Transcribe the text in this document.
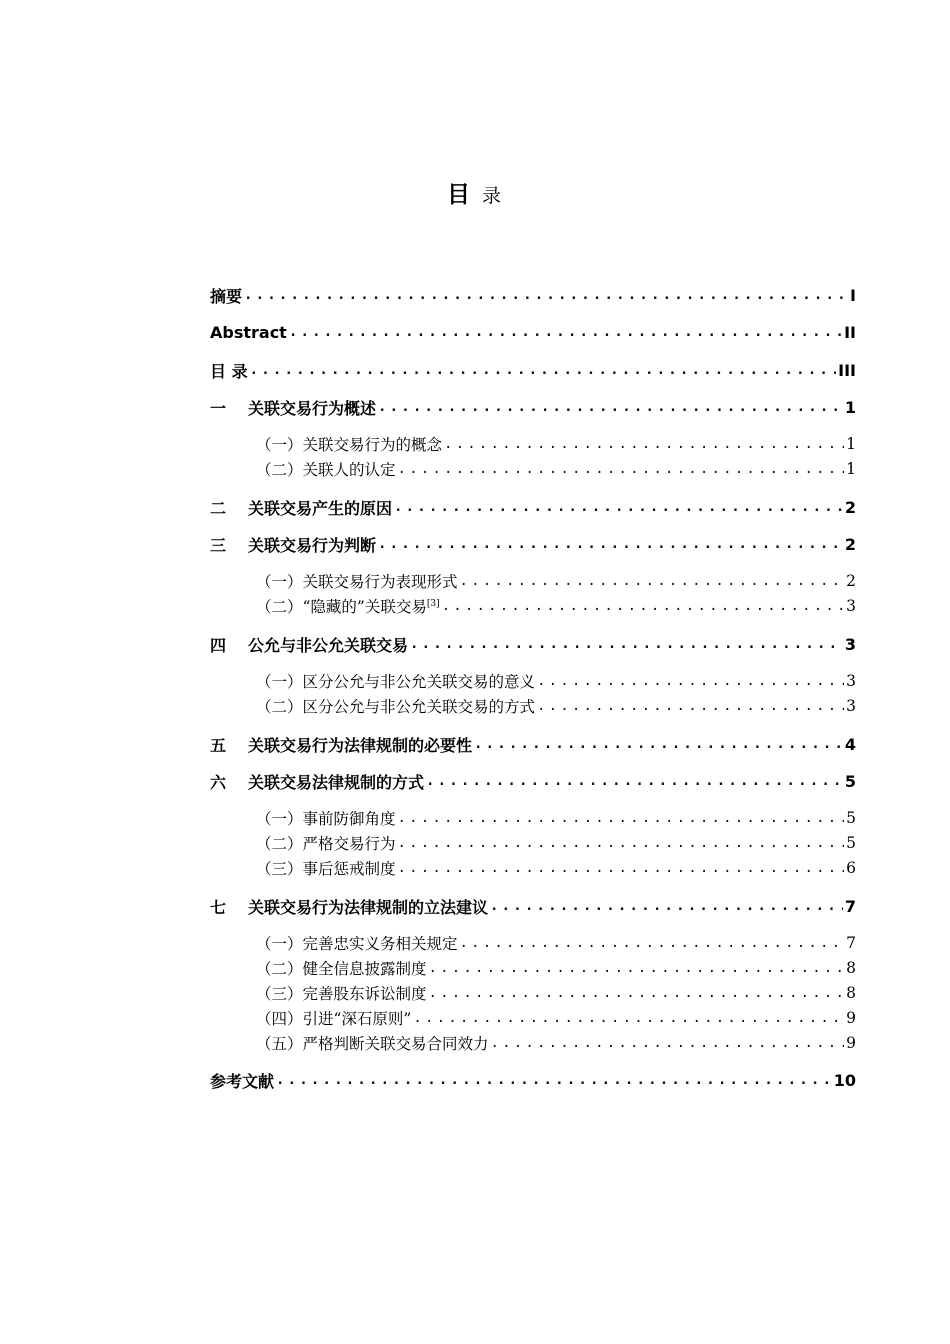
目 录
摘要 .....	I
Abstract .....	II
目 录 .....	III
一	关联交易行为概述 .....	1
（一）关联交易行为的概念 .....	1
（二）关联人的认定 .....	1
二	关联交易产生的原因 .....	2
三	关联交易行为判断 .....	2
（一）关联交易行为表现形式 .....	2
（二）“隐藏的”关联交易[3] .....	3
四	公允与非公允关联交易 .....	3
（一）区分公允与非公允关联交易的意义 .....	3
（二）区分公允与非公允关联交易的方式 .....	3
五	关联交易行为法律规制的必要性 .....	4
六	关联交易法律规制的方式 .....	5
（一）事前防御角度 .....	5
（二）严格交易行为 .....	5
（三）事后惩戒制度 .....	6
七	关联交易行为法律规制的立法建议 .....	7
（一）完善忠实义务相关规定 .....	7
（二）健全信息披露制度 .....	8
（三）完善股东诉讼制度 .....	8
（四）引进“深石原则” .....	9
（五）严格判断关联交易合同效力 .....	9
参考文献 .....	10
